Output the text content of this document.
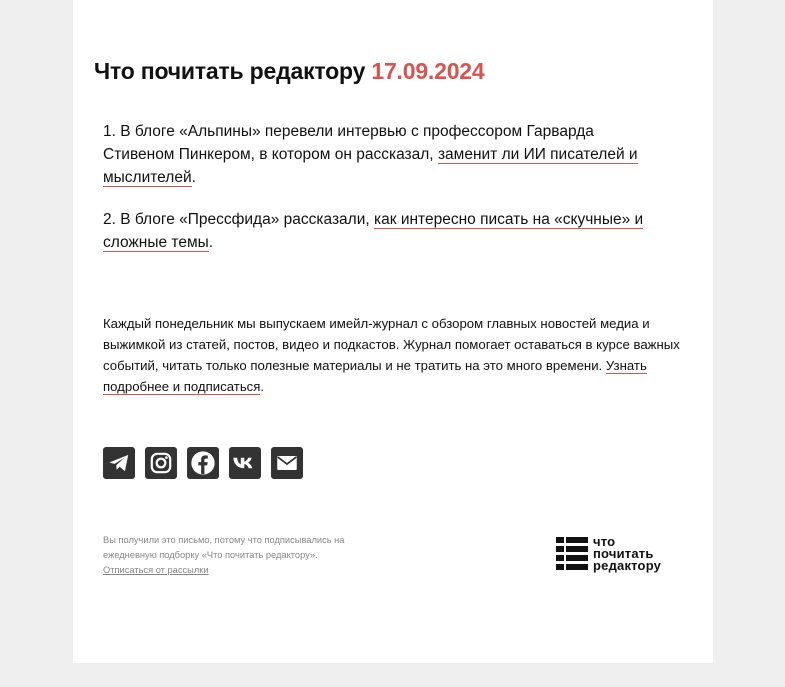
Что почитать редактору 17.09.2024

1. В блоге «Альпины» перевели интервью с профессором Гарварда Стивеном Пинкером, в котором он рассказал, заменит ли ИИ писателей и мыслителей.

2. В блоге «Прессфида» рассказали, как интересно писать на «скучные» и сложные темы.

Каждый понедельник мы выпускаем имейл-журнал с обзором главных новостей медиа и выжимкой из статей, постов, видео и подкастов. Журнал помогает оставаться в курсе важных событий, читать только полезные материалы и не тратить на это много времени. Узнать подробнее и подписаться.
Вы получили это письмо, потому что подписывались на
ежедневную подборку «Что почитать редактору».
Отписаться от рассылки
что
почитать
редактору
